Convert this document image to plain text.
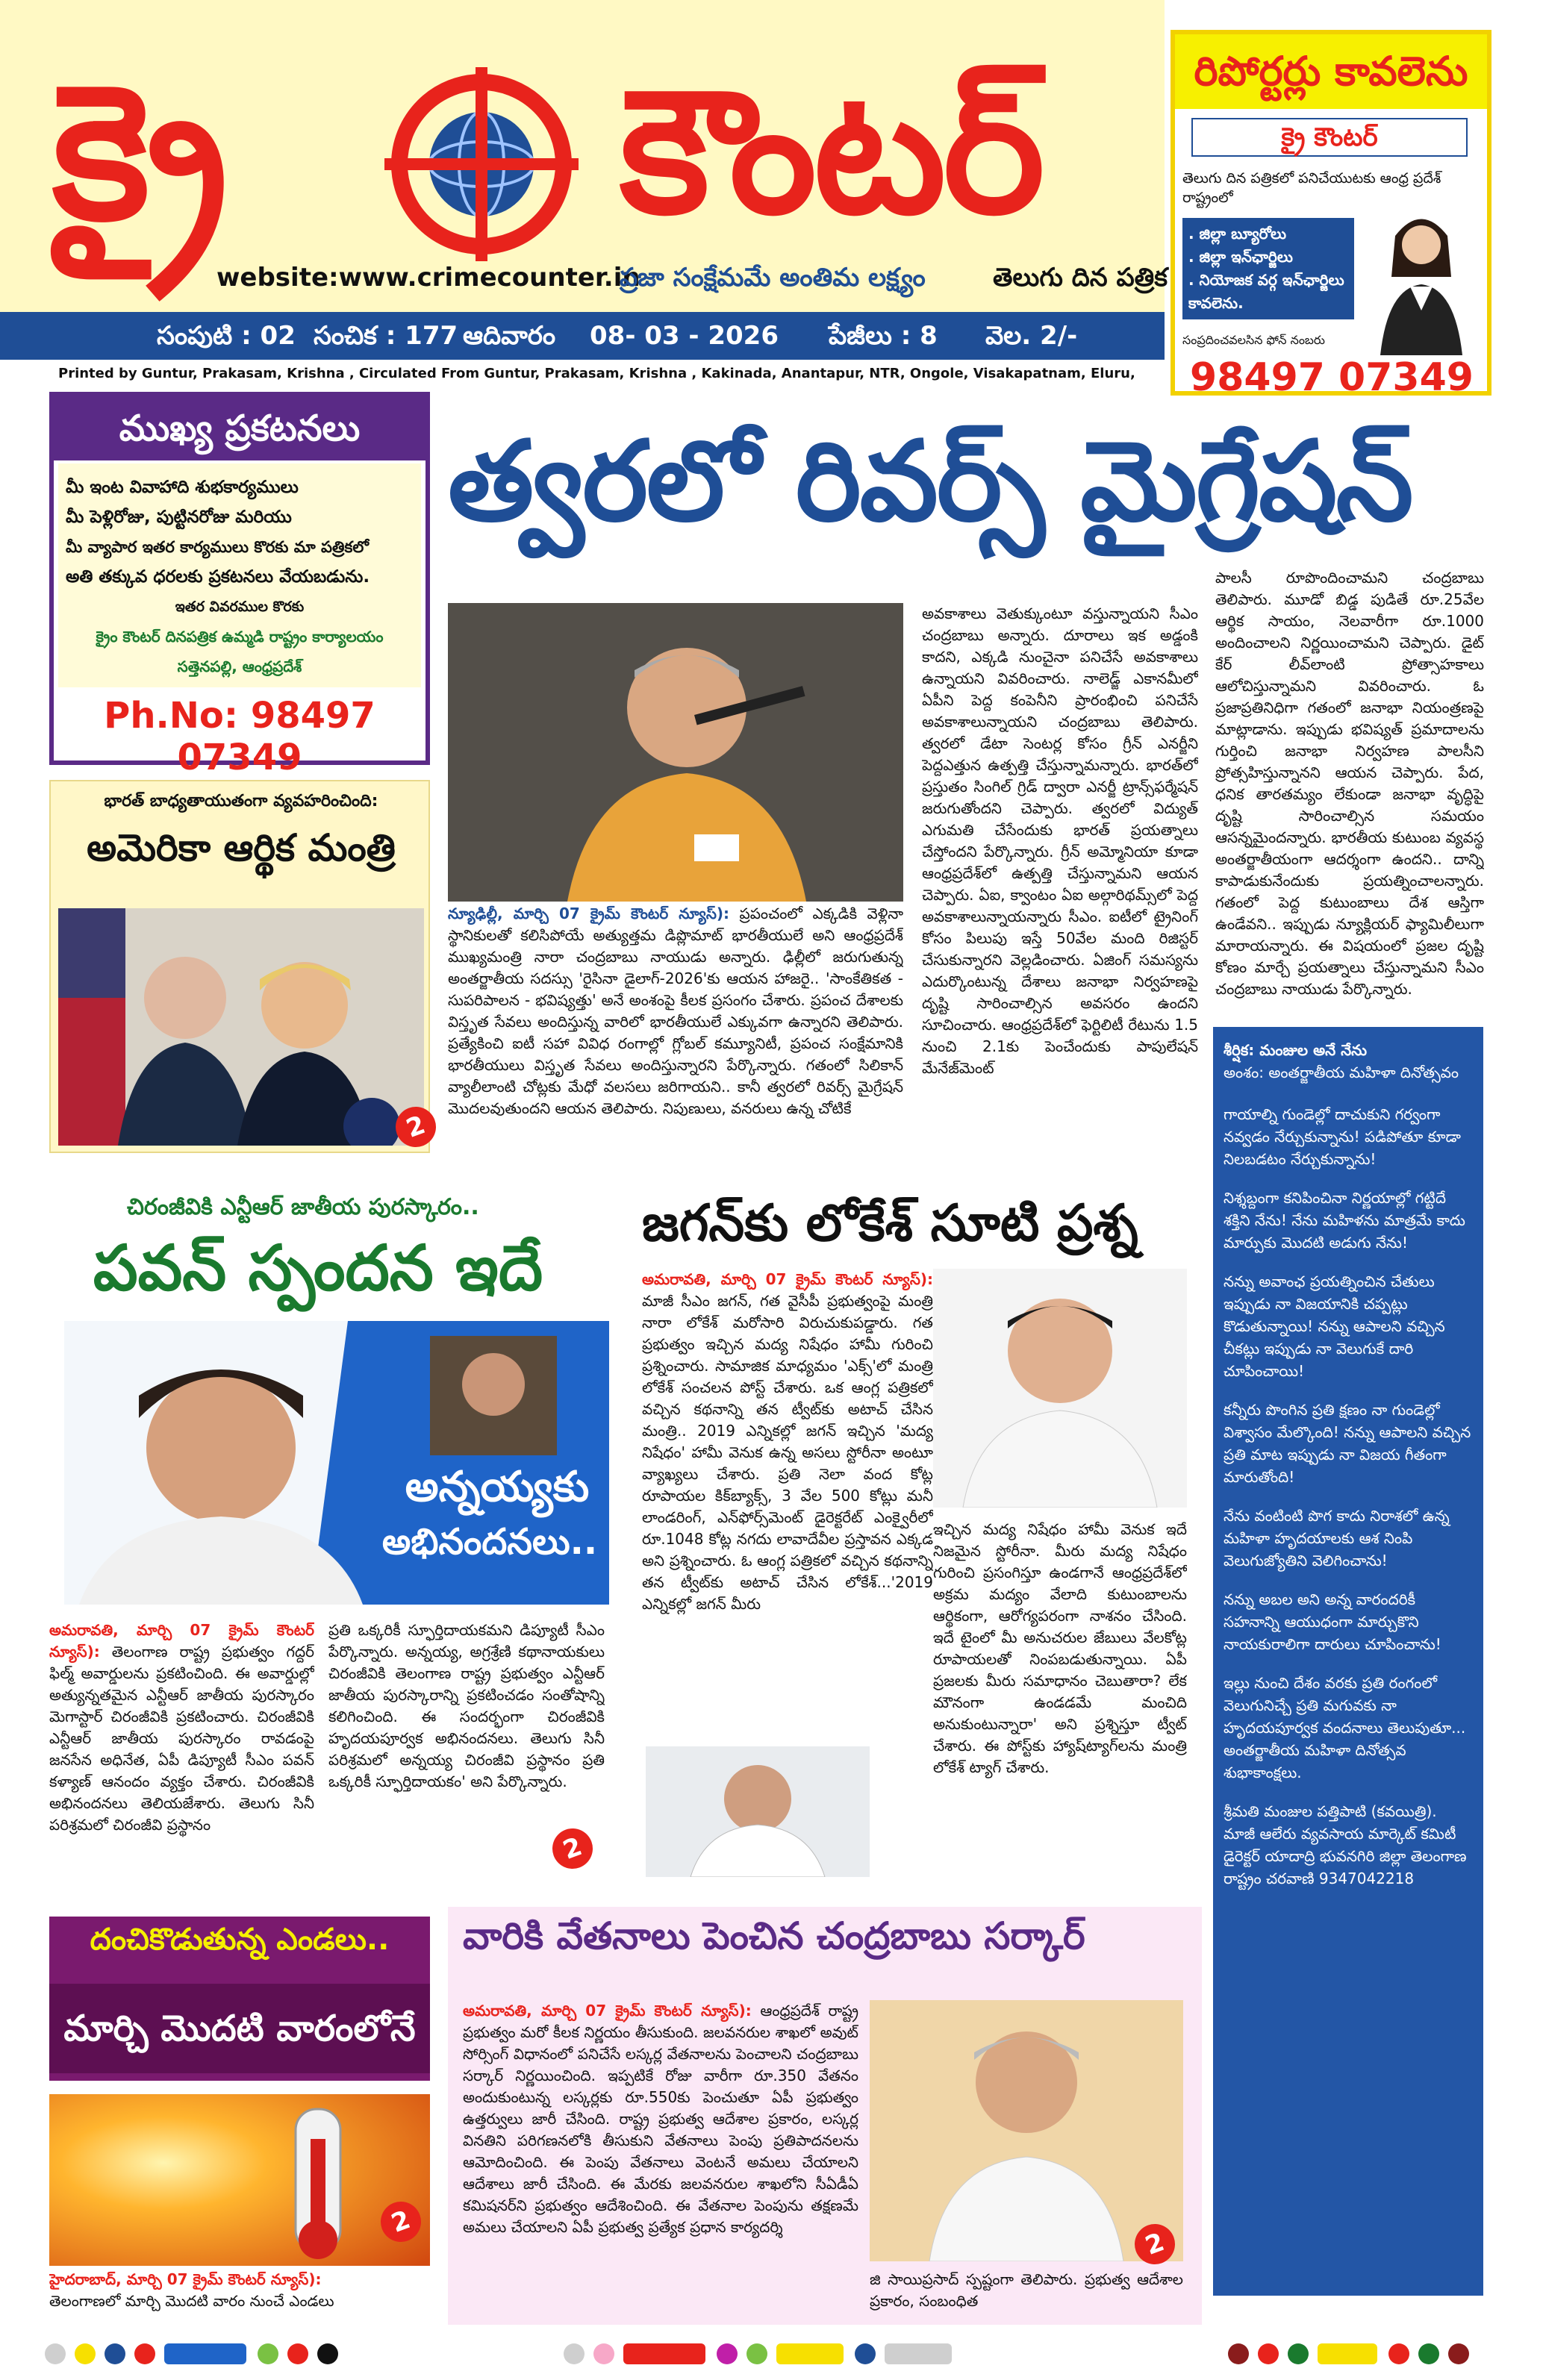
క్రై	కౌంటర్
website:www.crimecounter.in
ప్రజా సంక్షేమమే అంతిమ లక్ష్యం	తెలుగు దిన పత్రిక
సంపుటి : 02 సంచిక : 177 ఆదివారం 08- 03 - 2026 పేజీలు : 8 వెల. 2/-
Printed by Guntur, Prakasam, Krishna , Circulated From Guntur, Prakasam, Krishna , Kakinada, Anantapur, NTR, Ongole, Visakapatnam, Eluru,
రిపోర్టర్లు కావలెను
క్రై కౌంటర్
తెలుగు దిన పత్రికలో పనిచేయుటకు ఆంధ్ర ప్రదేశ్ రాష్ట్రంలో
. జిల్లా బ్యూరోలు
. జిల్లా ఇన్‌ఛార్జిలు
. నియోజక వర్గ ఇన్‌ఛార్జిలు
కావలెను.
సంప్రదించవలసిన ఫోన్ నంబరు
98497 07349
త్వరలో రివర్స్ మైగ్రేషన్
ముఖ్య ప్రకటనలు
మీ ఇంట వివాహాది శుభకార్యములు
మీ పెళ్లిరోజు, పుట్టినరోజు మరియు
మీ వ్యాపార ఇతర కార్యములు కొరకు మా పత్రికలో
అతి తక్కువ ధరలకు ప్రకటనలు వేయబడును.
ఇతర వివరముల కొరకు
క్రైం కౌంటర్ దినపత్రిక ఉమ్మడి రాష్ట్రం కార్యాలయం
సత్తెనపల్లి, ఆంధ్రప్రదేశ్
Ph.No: 98497 07349
భారత్ బాధ్యతాయుతంగా వ్యవహరించింది:
అమెరికా ఆర్థిక మంత్రి
2
న్యూఢిల్లీ, మార్చి 07 క్రైమ్ కౌంటర్ న్యూస్): ప్రపంచంలో ఎక్కడికి వెళ్లినా స్థానికులతో కలిసిపోయే అత్యుత్తమ డిప్లొమాట్ భారతీయులే అని ఆంధ్రప్రదేశ్ ముఖ్యమంత్రి నారా చంద్రబాబు నాయుడు అన్నారు. ఢిల్లీలో జరుగుతున్న అంతర్జాతీయ సదస్సు 'రైసినా డైలాగ్-2026'కు ఆయన హాజరై.. 'సాంకేతికత - సుపరిపాలన - భవిష్యత్తు' అనే అంశంపై కీలక ప్రసంగం చేశారు. ప్రపంచ దేశాలకు విస్తృత సేవలు అందిస్తున్న వారిలో భారతీయులే ఎక్కువగా ఉన్నారని తెలిపారు. ప్రత్యేకించి ఐటీ సహా వివిధ రంగాల్లో గ్లోబల్ కమ్యూనిటీ, ప్రపంచ సంక్షేమానికి భారతీయులు విస్తృత సేవలు అందిస్తున్నారని పేర్కొన్నారు. గతంలో సిలికాన్ వ్యాలీలాంటి చోట్లకు మేధో వలసలు జరిగాయని.. కానీ త్వరలో రివర్స్ మైగ్రేషన్ మొదలవుతుందని ఆయన తెలిపారు. నిపుణులు, వనరులు ఉన్న చోటికే
అవకాశాలు వెతుక్కుంటూ వస్తున్నాయని సీఎం చంద్రబాబు అన్నారు. దూరాలు ఇక అడ్డంకి కాదని, ఎక్కడి నుంచైనా పనిచేసే అవకాశాలు ఉన్నాయని వివరించారు. నాలెడ్జ్ ఎకానమీలో ఏపీని పెద్ద కంపెనీని ప్రారంభించి పనిచేసే అవకాశాలున్నాయని చంద్రబాబు తెలిపారు. త్వరలో డేటా సెంటర్ల కోసం గ్రీన్ ఎనర్జీని పెద్దఎత్తున ఉత్పత్తి చేస్తున్నామన్నారు. భారత్‌లో ప్రస్తుతం సింగిల్ గ్రిడ్ ద్వారా ఎనర్జీ ట్రాన్స్‌ఫర్మేషన్ జరుగుతోందని చెప్పారు. త్వరలో విద్యుత్ ఎగుమతి చేసేందుకు భారత్ ప్రయత్నాలు చేస్తోందని పేర్కొన్నారు. గ్రీన్ అమ్మోనియా కూడా ఆంధ్రప్రదేశ్‌లో ఉత్పత్తి చేస్తున్నామని ఆయన చెప్పారు. ఏఐ, క్వాంటం ఏఐ అల్గారిథమ్స్‌లో పెద్ద అవకాశాలున్నాయన్నారు సీఎం. ఐటీలో ట్రైనింగ్ కోసం పిలుపు ఇస్తే 50వేల మంది రిజిస్టర్ చేసుకున్నారని వెల్లడించారు. ఏజింగ్ సమస్యను ఎదుర్కొంటున్న దేశాలు జనాభా నిర్వహణపై దృష్టి సారించాల్సిన అవసరం ఉందని సూచించారు. ఆంధ్రప్రదేశ్‌లో ఫెర్టిలిటీ రేటును 1.5 నుంచి 2.1కు పెంచేందుకు పాపులేషన్ మేనేజ్‌మెంట్
పాలసీ రూపొందించామని చంద్రబాబు తెలిపారు. మూడో బిడ్డ పుడితే రూ.25వేల ఆర్థిక సాయం, నెలవారీగా రూ.1000 అందించాలని నిర్ణయించామని చెప్పారు. డైట్ కేర్ లీవ్‌లాంటి ప్రోత్సాహకాలు ఆలోచిస్తున్నామని వివరించారు. ఓ ప్రజాప్రతినిధిగా గతంలో జనాభా నియంత్రణపై మాట్లాడాను. ఇప్పుడు భవిష్యత్ ప్రమాదాలను గుర్తించి జనాభా నిర్వహణ పాలసీని ప్రోత్సహిస్తున్నానని ఆయన చెప్పారు. పేద, ధనిక తారతమ్యం లేకుండా జనాభా వృద్ధిపై దృష్టి సారించాల్సిన సమయం ఆసన్నమైందన్నారు. భారతీయ కుటుంబ వ్యవస్థ అంతర్జాతీయంగా ఆదర్శంగా ఉందని.. దాన్ని కాపాడుకునేందుకు ప్రయత్నించాలన్నారు. గతంలో పెద్ద కుటుంబాలు దేశ ఆస్తిగా ఉండేవని.. ఇప్పుడు న్యూక్లియర్ ఫ్యామిలీలుగా మారాయన్నారు. ఈ విషయంలో ప్రజల దృష్టి కోణం మార్చే ప్రయత్నాలు చేస్తున్నామని సీఎం చంద్రబాబు నాయుడు పేర్కొన్నారు.
చిరంజీవికి ఎన్టీఆర్ జాతీయ పురస్కారం..
పవన్ స్పందన ఇదే
అన్నయ్యకు
అభినందనలు..
అమరావతి, మార్చి 07 క్రైమ్ కౌంటర్ న్యూస్): తెలంగాణ రాష్ట్ర ప్రభుత్వం గద్దర్ ఫిల్మ్ అవార్డులను ప్రకటించింది. ఈ అవార్డుల్లో అత్యున్నతమైన ఎన్టీఆర్ జాతీయ పురస్కారం మెగాస్టార్ చిరంజీవికి ప్రకటించారు. చిరంజీవికి ఎన్టీఆర్ జాతీయ పురస్కారం రావడంపై జనసేన అధినేత, ఏపీ డిప్యూటీ సీఎం పవన్ కళ్యాణ్ ఆనందం వ్యక్తం చేశారు. చిరంజీవికి అభినందనలు తెలియజేశారు. తెలుగు సినీ పరిశ్రమలో చిరంజీవి ప్రస్థానం
ప్రతి ఒక్కరికీ స్ఫూర్తిదాయకమని డిప్యూటీ సీఎం పేర్కొన్నారు. అన్నయ్య, అగ్రశ్రేణి కథానాయకులు చిరంజీవికి తెలంగాణ రాష్ట్ర ప్రభుత్వం ఎన్టీఆర్ జాతీయ పురస్కారాన్ని ప్రకటించడం సంతోషాన్ని కలిగించింది. ఈ సందర్భంగా చిరంజీవికి హృదయపూర్వక అభినందనలు. తెలుగు సినీ పరిశ్రమలో అన్నయ్య చిరంజీవి ప్రస్థానం ప్రతి ఒక్కరికీ స్ఫూర్తిదాయకం' అని పేర్కొన్నారు.
2
జగన్‌కు లోకేశ్ సూటి ప్రశ్న
అమరావతి, మార్చి 07 క్రైమ్ కౌంటర్ న్యూస్): మాజీ సీఎం జగన్, గత వైసీపీ ప్రభుత్వంపై మంత్రి నారా లోకేశ్ మరోసారి విరుచుకుపడ్డారు. గత ప్రభుత్వం ఇచ్చిన మద్య నిషేధం హామీ గురించి ప్రశ్నించారు. సామాజిక మాధ్యమం 'ఎక్స్'లో మంత్రి లోకేశ్ సంచలన పోస్ట్ చేశారు. ఒక ఆంగ్ల పత్రికలో వచ్చిన కథనాన్ని తన ట్వీట్‌కు అటాచ్ చేసిన మంత్రి.. 2019 ఎన్నికల్లో జగన్ ఇచ్చిన 'మద్య నిషేధం' హామీ వెనుక ఉన్న అసలు స్టోరీనా అంటూ వ్యాఖ్యలు చేశారు. ప్రతి నెలా వంద కోట్ల రూపాయల కిక్‌బ్యాక్స్, 3 వేల 500 కోట్లు మనీ లాండరింగ్, ఎన్‌ఫోర్స్‌మెంట్ డైరెక్టరేట్ ఎంక్వైరీలో రూ.1048 కోట్ల నగదు లావాదేవీల ప్రస్తావన ఎక్కడ అని ప్రశ్నించారు. ఓ ఆంగ్ల పత్రికలో వచ్చిన కథనాన్ని తన ట్వీట్‌కు అటాచ్ చేసిన లోకేశ్...'2019 ఎన్నికల్లో జగన్ మీరు
ఇచ్చిన మద్య నిషేధం హామీ వెనుక ఇదే నిజమైన స్టోరీనా. మీరు మద్య నిషేధం గురించి ప్రసంగిస్తూ ఉండగానే ఆంధ్రప్రదేశ్‌లో అక్రమ మద్యం వేలాది కుటుంబాలను ఆర్థికంగా, ఆరోగ్యపరంగా నాశనం చేసింది. ఇదే టైంలో మీ అనుచరుల జేబులు వేలకోట్ల రూపాయలతో నింపబడుతున్నాయి. ఏపీ ప్రజలకు మీరు సమాధానం చెబుతారా? లేక మౌనంగా ఉండడమే మంచిది అనుకుంటున్నారా' అని ప్రశ్నిస్తూ ట్వీట్ చేశారు. ఈ పోస్ట్‌కు హ్యాష్‌ట్యాగ్‌లను మంత్రి లోకేశ్ ట్యాగ్ చేశారు.
దంచికొడుతున్న ఎండలు..
మార్చి మొదటి వారంలోనే
హైదరాబాద్, మార్చి 07 క్రైమ్ కౌంటర్ న్యూస్):
తెలంగాణలో మార్చి మొదటి వారం నుంచే ఎండలు
2
వారికి వేతనాలు పెంచిన చంద్రబాబు సర్కార్
అమరావతి, మార్చి 07 క్రైమ్ కౌంటర్ న్యూస్): ఆంధ్రప్రదేశ్ రాష్ట్ర ప్రభుత్వం మరో కీలక నిర్ణయం తీసుకుంది. జలవనరుల శాఖలో అవుట్ సోర్సింగ్ విధానంలో పనిచేసే లస్కర్ల వేతనాలను పెంచాలని చంద్రబాబు సర్కార్ నిర్ణయించింది. ఇప్పటికే రోజు వారీగా రూ.350 వేతనం అందుకుంటున్న లస్కర్లకు రూ.550కు పెంచుతూ ఏపీ ప్రభుత్వం ఉత్తర్వులు జారీ చేసింది. రాష్ట్ర ప్రభుత్వ ఆదేశాల ప్రకారం, లస్కర్ల వినతిని పరిగణనలోకి తీసుకుని వేతనాలు పెంపు ప్రతిపాదనలను ఆమోదించింది. ఈ పెంపు వేతనాలు వెంటనే అమలు చేయాలని ఆదేశాలు జారీ చేసింది. ఈ మేరకు జలవనరుల శాఖలోని సీఏడీఏ కమిషనర్‌ని ప్రభుత్వం ఆదేశించింది. ఈ వేతనాల పెంపును తక్షణమే అమలు చేయాలని ఏపీ ప్రభుత్వ ప్రత్యేక ప్రధాన కార్యదర్శి
జి సాయిప్రసాద్ స్పష్టంగా తెలిపారు. ప్రభుత్వ ఆదేశాల ప్రకారం, సంబంధిత
2
శీర్షిక: మంజుల అనే నేను
అంశం: అంతర్జాతీయ మహిళా దినోత్సవం

గాయాల్ని గుండెల్లో దాచుకుని గర్వంగా నవ్వడం నేర్చుకున్నాను! పడిపోతూ కూడా నిలబడటం నేర్చుకున్నాను!

నిశ్శబ్దంగా కనిపించినా నిర్ణయాల్లో గట్టిదే శక్తిని నేను! నేను మహిళను మాత్రమే కాదు మార్పుకు మొదటి అడుగు నేను!

నన్ను అవాంఛ ప్రయత్నించిన చేతులు ఇప్పుడు నా విజయానికి చప్పట్లు కొడుతున్నాయి! నన్ను ఆపాలని వచ్చిన చీకట్లు ఇప్పుడు నా వెలుగుకే దారి చూపించాయి!

కన్నీరు పొంగిన ప్రతి క్షణం నా గుండెల్లో విశ్వాసం మేల్కొంది! నన్ను ఆపాలని వచ్చిన ప్రతి మాట ఇప్పుడు నా విజయ గీతంగా మారుతోంది!

నేను వంటింటి పొగ కాదు నిరాశలో ఉన్న మహిళా హృదయాలకు ఆశ నింపి వెలుగుజ్యోతిని వెలిగించాను!

నన్ను అబల అని అన్న వారందరికీ సహనాన్ని ఆయుధంగా మార్చుకొని నాయకురాలిగా దారులు చూపించాను!

ఇల్లు నుంచి దేశం వరకు ప్రతి రంగంలో వెలుగునిచ్చే ప్రతి మగువకు నా హృదయపూర్వక వందనాలు తెలుపుతూ... అంతర్జాతీయ మహిళా దినోత్సవ శుభాకాంక్షలు.

శ్రీమతి మంజుల పత్తిపాటి (కవయిత్రి). మాజీ ఆలేరు వ్యవసాయ మార్కెట్ కమిటీ డైరెక్టర్ యాదాద్రి భువనగిరి జిల్లా తెలంగాణ రాష్ట్రం చరవాణి 9347042218
